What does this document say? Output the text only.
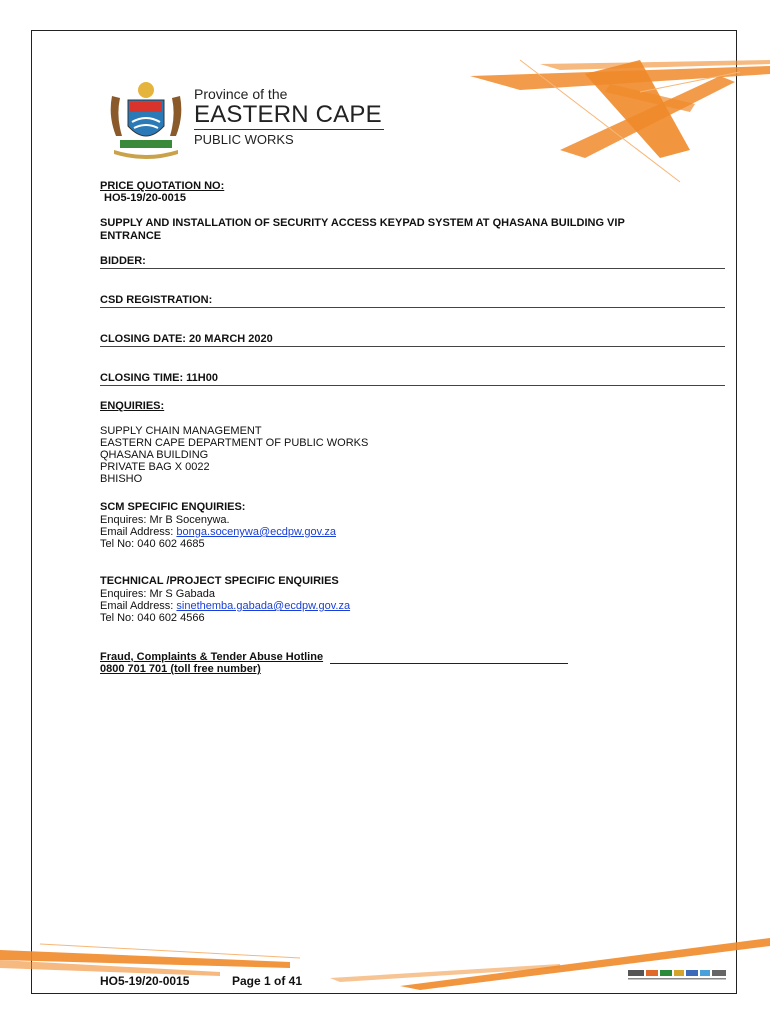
Province of the
EASTERN CAPE
PUBLIC WORKS
PRICE QUOTATION NO:
HO5-19/20-0015
SUPPLY AND INSTALLATION OF SECURITY ACCESS KEYPAD SYSTEM AT QHASANA BUILDING VIP
ENTRANCE
BIDDER:
CSD REGISTRATION:
CLOSING DATE: 20 MARCH 2020
CLOSING TIME: 11H00
ENQUIRIES:
SUPPLY CHAIN MANAGEMENT
EASTERN CAPE DEPARTMENT OF PUBLIC WORKS
QHASANA BUILDING
PRIVATE BAG X 0022
BHISHO
SCM SPECIFIC ENQUIRIES:
Enquires: Mr B Socenywa.
Email Address: bonga.socenywa@ecdpw.gov.za
Tel No: 040 602 4685
TECHNICAL /PROJECT SPECIFIC ENQUIRIES
Enquires: Mr S Gabada
Email Address: sinethemba.gabada@ecdpw.gov.za
Tel No: 040 602 4566
Fraud, Complaints & Tender Abuse Hotline
0800 701 701 (toll free number)
HO5-19/20-0015	Page 1 of 41
